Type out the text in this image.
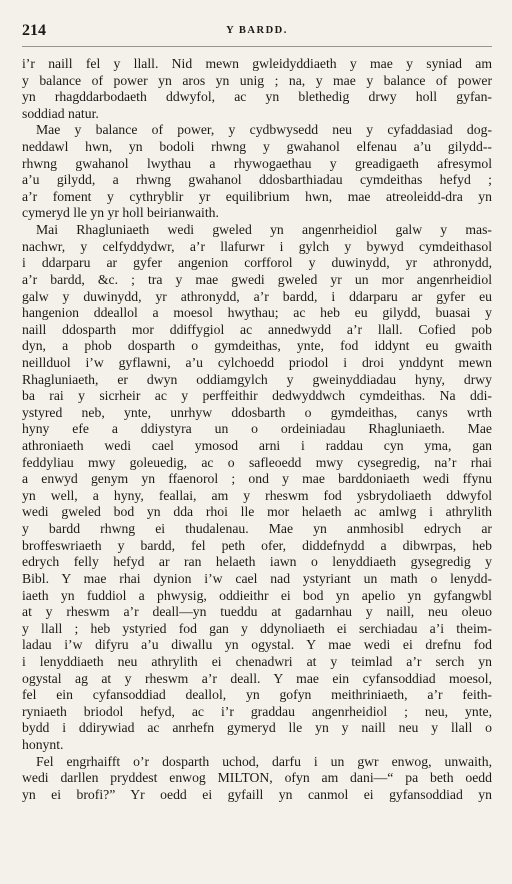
214	Y BARDD.
i’r naill fel y llall. Nid mewn gwleidyddiaeth y mae y syniad am
y balance of power yn aros yn unig ; na, y mae y balance of power
yn rhagddarbodaeth ddwyfol, ac yn blethedig drwy holl gyfan-
soddiad natur.
Mae y balance of power, y cydbwysedd neu y cyfaddasiad dog-
neddawl hwn, yn bodoli rhwng y gwahanol elfenau a’u gilydd--
rhwng gwahanol lwythau a rhywogaethau y greadigaeth afresymol
a’u gilydd, a rhwng gwahanol ddosbarthiadau cymdeithas hefyd ;
a’r foment y cythryblir yr equilibrium hwn, mae atreoleidd-dra yn
cymeryd lle yn yr holl beirianwaith.
Mai Rhagluniaeth wedi gweled yn angenrheidiol galw y mas-
nachwr, y celfyddydwr, a’r llafurwr i gylch y bywyd cymdeithasol
i ddarparu ar gyfer angenion corfforol y duwinydd, yr athronydd,
a’r bardd, &c. ; tra y mae gwedi gweled yr un mor angenrheidiol
galw y duwinydd, yr athronydd, a’r bardd, i ddarparu ar gyfer eu
hangenion ddeallol a moesol hwythau; ac heb eu gilydd, buasai y
naill ddosparth mor ddiffygiol ac annedwydd a’r llall. Cofied pob
dyn, a phob dosparth o gymdeithas, ynte, fod iddynt eu gwaith
neillduol i’w gyflawni, a’u cylchoedd priodol i droi ynddynt mewn
Rhagluniaeth, er dwyn oddiamgylch y gweinyddiadau hyny, drwy
ba rai y sicrheir ac y perffeithir dedwyddwch cymdeithas. Na ddi-
ystyred neb, ynte, unrhyw ddosbarth o gymdeithas, canys wrth
hyny efe a ddiystyra un o ordeiniadau Rhagluniaeth. Mae
athroniaeth wedi cael ymosod arni i raddau cyn yma, gan
feddyliau mwy goleuedig, ac o safleoedd mwy cysegredig, na’r rhai
a enwyd genym yn ffaenorol ; ond y mae barddoniaeth wedi ffynu
yn well, a hyny, feallai, am y rheswm fod ysbrydoliaeth ddwyfol
wedi gweled bod yn dda rhoi lle mor helaeth ac amlwg i athrylith
y bardd rhwng ei thudalenau. Mae yn anmhosibl edrych ar
broffeswriaeth y bardd, fel peth ofer, diddefnydd a dibwrpas, heb
edrych felly hefyd ar ran helaeth iawn o lenyddiaeth gysegredig y
Bibl. Y mae rhai dynion i’w cael nad ystyriant un math o lenydd-
iaeth yn fuddiol a phwysig, oddieithr ei bod yn apelio yn gyfangwbl
at y rheswm a’r deall—yn tueddu at gadarnhau y naill, neu oleuo
y llall ; heb ystyried fod gan y ddynoliaeth ei serchiadau a’i theim-
ladau i’w difyru a’u diwallu yn ogystal. Y mae wedi ei drefnu fod
i lenyddiaeth neu athrylith ei chenadwri at y teimlad a’r serch yn
ogystal ag at y rheswm a’r deall. Y mae ein cyfansoddiad moesol,
fel ein cyfansoddiad deallol, yn gofyn meithriniaeth, a’r feith-
ryniaeth briodol hefyd, ac i’r graddau angenrheidiol ; neu, ynte,
bydd i ddirywiad ac anrhefn gymeryd lle yn y naill neu y llall o
honynt.
Fel engrhaifft o’r dosparth uchod, darfu i un gwr enwog, unwaith,
wedi darllen pryddest enwog MILTON, ofyn am dani—“ pa beth oedd
yn ei brofi?” Yr oedd ei gyfaill yn canmol ei gyfansoddiad yn
